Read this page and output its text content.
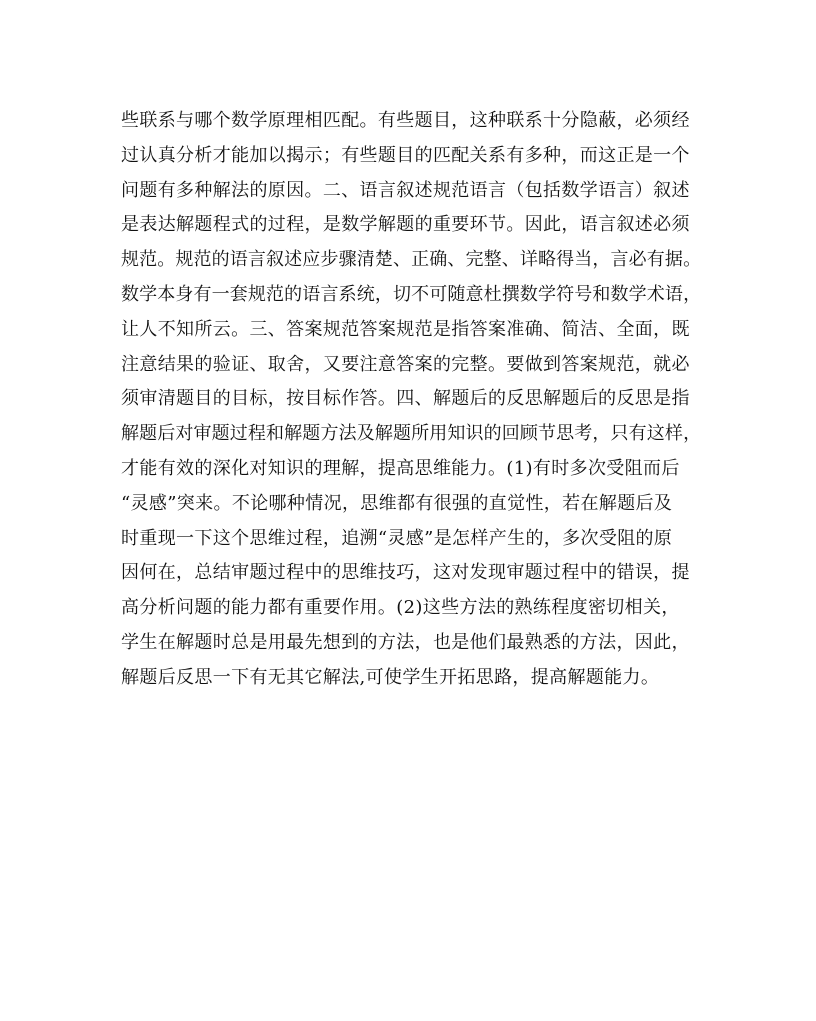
些联系与哪个数学原理相匹配。有些题目，这种联系十分隐蔽，必须经
过认真分析才能加以揭示；有些题目的匹配关系有多种，而这正是一个
问题有多种解法的原因。二、语言叙述规范语言（包括数学语言）叙述
是表达解题程式的过程，是数学解题的重要环节。因此，语言叙述必须
规范。规范的语言叙述应步骤清楚、正确、完整、详略得当，言必有据。
数学本身有一套规范的语言系统，切不可随意杜撰数学符号和数学术语，
让人不知所云。三、答案规范答案规范是指答案准确、简洁、全面，既
注意结果的验证、取舍，又要注意答案的完整。要做到答案规范，就必
须审清题目的目标，按目标作答。四、解题后的反思解题后的反思是指
解题后对审题过程和解题方法及解题所用知识的回顾节思考，只有这样，
才能有效的深化对知识的理解，提高思维能力。(1)有时多次受阻而后
“灵感”突来。不论哪种情况，思维都有很强的直觉性，若在解题后及
时重现一下这个思维过程，追溯“灵感”是怎样产生的，多次受阻的原
因何在，总结审题过程中的思维技巧，这对发现审题过程中的错误，提
高分析问题的能力都有重要作用。(2)这些方法的熟练程度密切相关，
学生在解题时总是用最先想到的方法，也是他们最熟悉的方法，因此，
解题后反思一下有无其它解法,可使学生开拓思路，提高解题能力。
